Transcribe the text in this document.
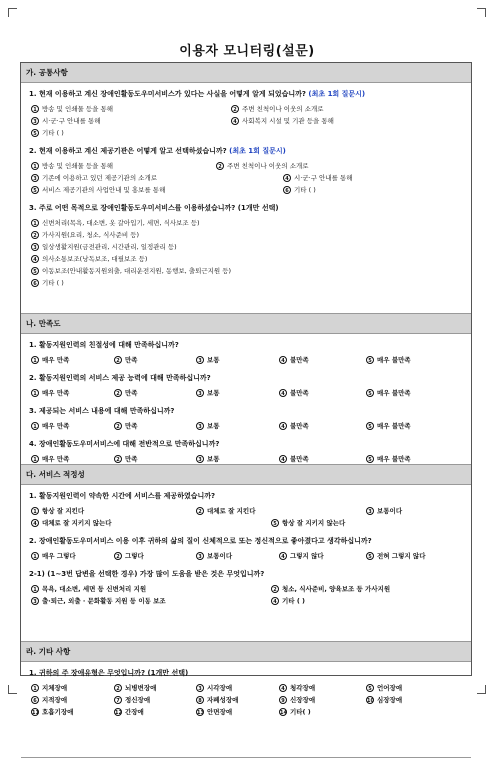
이용자 모니터링(설문)
가. 공통사항
1. 현재 이용하고 계신 장애인활동도우미서비스가 있다는 사실을 어떻게 알게 되었습니까? (최초 1회 질문시)
1 방송 및 인쇄물 등을 통해	2 주변 친척이나 이웃의 소개로
3 시·군·구 안내를 통해	4 사회복지 시설 및 기관 등을 통해
5 기타 ( )
2. 현재 이용하고 계신 제공기관은 어떻게 알고 선택하셨습니까? (최초 1회 질문시)
1 방송 및 인쇄물 등을 통해	2 주변 친척이나 이웃의 소개로
3 기존에 이용하고 있던 제공기관의 소개로	4 시·군·구 안내를 통해
5 서비스 제공기관의 사업안내 및 홍보를 통해	6 기타 ( )
3. 주로 어떤 목적으로 장애인활동도우미서비스를 이용하셨습니까? (1개만 선택)
1 신변처리(목욕, 대소변, 옷 갈아입기, 세면, 식사보조 등)
2 가사지원(요리, 청소, 식사준비 등)
3 일상생활지원(금전관리, 시간관리, 일정관리 등)
4 의사소통보조(낭독보조, 대필보조 등)
5 이동보조(안내활동지원외출, 대리운전지원, 동행보, 출퇴근지원 등)
6 기타 ( )
나. 만족도
1. 활동지원인력의 친절성에 대해 만족하십니까?
1 매우 만족	2 만족	3 보통	4 불만족	5 매우 불만족
2. 활동지원인력의 서비스 제공 능력에 대해 만족하십니까?
1 매우 만족	2 만족	3 보통	4 불만족	5 매우 불만족
3. 제공되는 서비스 내용에 대해 만족하십니까?
1 매우 만족	2 만족	3 보통	4 불만족	5 매우 불만족
4. 장애인활동도우미서비스에 대해 전반적으로 만족하십니까?
1 매우 만족	2 만족	3 보통	4 불만족	5 매우 불만족
다. 서비스 적정성
1. 활동지원인력이 약속한 시간에 서비스를 제공하였습니까?
1 항상 잘 지킨다	2 대체로 잘 지킨다	3 보통이다
4 대체로 잘 지키지 않는다	5 항상 잘 지키지 않는다
2. 장애인활동도우미서비스 이용 이후 귀하의 삶의 질이 신체적으로 또는 정신적으로 좋아졌다고 생각하십니까?
1 매우 그렇다	2 그렇다	3 보통이다	4 그렇지 않다	5 전혀 그렇지 않다
2-1) (1~3번 답변을 선택한 경우) 가장 많이 도움을 받은 것은 무엇입니까?
1 목욕, 대소변, 세면 등 신변처리 지원	2 청소, 식사준비, 양육보조 등 가사지원
3 출·퇴근, 외출 · 문화활동 지원 등 이동 보조	4 기타 ( )
라. 기타 사항
1. 귀하의 주 장애유형은 무엇입니까? (1개만 선택)
1 지체장애	2 뇌병변장애	3 시각장애	4 청각장애	5 언어장애
6 지적장애	7 정신장애	8 자폐성장애	9 신장장애	10 심장장애
11 호흡기장애	12 간장애	13 안면장애	14 기타( )
